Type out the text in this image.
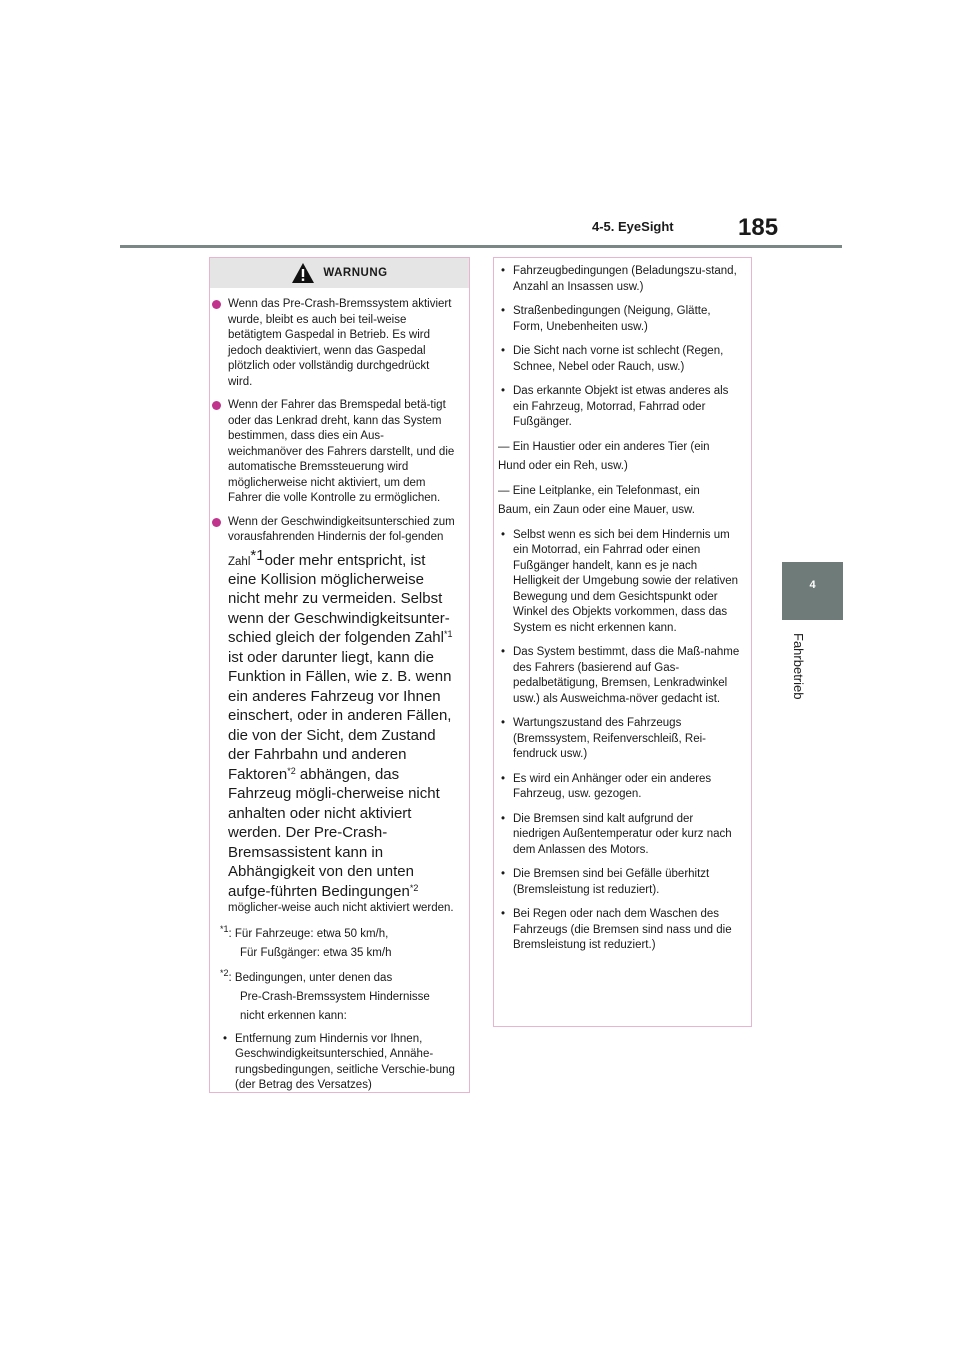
4-5. EyeSight	185
4
Fahrbetrieb
WARNUNG
Wenn das Pre-Crash-Bremssystem aktiviert wurde, bleibt es auch bei teil-weise betätigtem Gaspedal in Betrieb. Es wird jedoch deaktiviert, wenn das Gaspedal plötzlich oder vollständig durchgedrückt wird.
Wenn der Fahrer das Bremspedal betä-tigt oder das Lenkrad dreht, kann das System bestimmen, dass dies ein Aus-weichmanöver des Fahrers darstellt, und die automatische Bremssteuerung wird möglicherweise nicht aktiviert, um dem Fahrer die volle Kontrolle zu ermöglichen.
Wenn der Geschwindigkeitsunterschied zum vorausfahrenden Hindernis der fol-genden Zahl$^{*1}$oder mehr entspricht, ist eine Kollision möglicherweise nicht mehr zu vermeiden. Selbst wenn der Geschwindigkeitsunter-schied gleich der folgenden Zahl$^{*1}$ ist oder darunter liegt, kann die Funktion in Fällen, wie z. B. wenn ein anderes Fahrzeug vor Ihnen einschert, oder in anderen Fällen, die von der Sicht, dem Zustand der Fahrbahn und anderen Faktoren$^{*2}$ abhängen, das Fahrzeug mögli-cherweise nicht anhalten oder nicht aktiviert werden. Der Pre-Crash-Bremsassistent kann in Abhängigkeit von den unten aufge-führten Bedingungen$^{*2}$ möglicher-weise auch nicht aktiviert werden.
$^{*1}$: Für Fahrzeuge: etwa 50 km/h,
Für Fußgänger: etwa 35 km/h
$^{*2}$: Bedingungen, unter denen das
Pre-Crash-Bremssystem Hindernisse
nicht erkennen kann:
• Entfernung zum Hindernis vor Ihnen, Geschwindigkeitsunterschied, Annähe-rungsbedingungen, seitliche Verschie-bung (der Betrag des Versatzes)
• Fahrzeugbedingungen (Beladungszu-stand, Anzahl an Insassen usw.)
• Straßenbedingungen (Neigung, Glätte, Form, Unebenheiten usw.)
• Die Sicht nach vorne ist schlecht (Regen, Schnee, Nebel oder Rauch, usw.)
• Das erkannte Objekt ist etwas anderes als ein Fahrzeug, Motorrad, Fahrrad oder Fußgänger.
— Ein Haustier oder ein anderes Tier (ein
Hund oder ein Reh, usw.)
— Eine Leitplanke, ein Telefonmast, ein
Baum, ein Zaun oder eine Mauer, usw.
• Selbst wenn es sich bei dem Hindernis um ein Motorrad, ein Fahrrad oder einen Fußgänger handelt, kann es je nach Helligkeit der Umgebung sowie der relativen Bewegung und dem Gesichtspunkt oder Winkel des Objekts vorkommen, dass das System es nicht erkennen kann.
• Das System bestimmt, dass die Maß-nahme des Fahrers (basierend auf Gas-pedalbetätigung, Bremsen, Lenkradwinkel usw.) als Ausweichma-növer gedacht ist.
• Wartungszustand des Fahrzeugs (Bremssystem, Reifenverschleiß, Rei-fendruck usw.)
• Es wird ein Anhänger oder ein anderes Fahrzeug, usw. gezogen.
• Die Bremsen sind kalt aufgrund der niedrigen Außentemperatur oder kurz nach dem Anlassen des Motors.
• Die Bremsen sind bei Gefälle überhitzt (Bremsleistung ist reduziert).
• Bei Regen oder nach dem Waschen des Fahrzeugs (die Bremsen sind nass und die Bremsleistung ist reduziert.)
